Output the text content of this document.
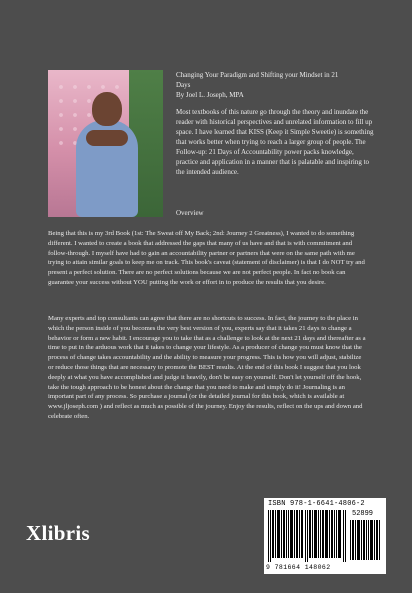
Changing Your Paradigm and Shifting your Mindset in 21

Days

By Joel L. Joseph, MPA

Most textbooks of this nature go through the theory and inundate the reader with historical perspectives and unrelated information to fill up space. I have learned that KISS (Keep it Simple Sweetie) is something that works better when trying to reach a larger group of people. The Follow-up: 21 Days of Accountability power packs knowledge, practice and application in a manner that is palatable and inspiring to the intended audience.

Overview

Being that this is my 3rd Book (1st: The Sweat off My Back; 2nd: Journey 2 Greatness), I wanted to do something different. I wanted to create a book that addressed the gaps that many of us have and that is with commitment and follow-through. I myself have had to gain an accountability partner or partners that were on the same path with me trying to attain similar goals to keep me on track. This book's caveat (statement of disclaimer) is that I do NOT try and present a perfect solution. There are no perfect solutions because we are not perfect people. In fact no book can guarantee your success without YOU putting the work or effort in to produce the results that you desire.

Many experts and top consultants can agree that there are no shortcuts to success. In fact, the journey to the place in which the person inside of you becomes the very best version of you, experts say that it takes 21 days to change a behavior or form a new habit. I encourage you to take that as a challenge to look at the next 21 days and thereafter as a time to put in the arduous work that it takes to change your lifestyle. As a producer of change you must know that the process of change takes accountability and the ability to measure your progress. This is how you will adjust, stabilize or reduce those things that are necessary to promote the BEST results. At the end of this book I suggest that you look deeply at what you have accomplished and judge it heavily, don't be easy on yourself. Don't let yourself off the hook, take the tough approach to be honest about the change that you need to make and simply do it! Journaling is an important part of any process. So purchase a journal (or the detailed journal for this book, which is available at www.jljoseph.com ) and reflect as much as possible of the journey. Enjoy the results, reflect on the ups and down and celebrate often.

Xlibris
ISBN 978-1-6641-4806-2
52899
9 781664 148062
